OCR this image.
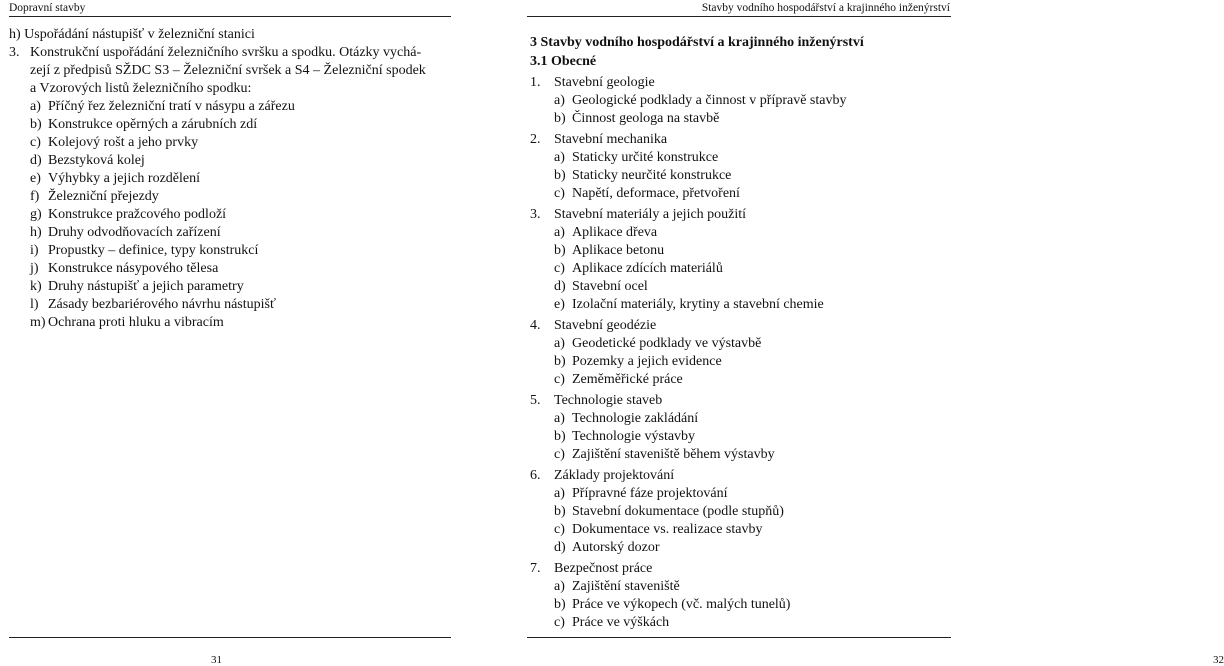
Dopravní stavby
h) Uspořádání nástupišť v železniční stanici
3. Konstrukční uspořádání železničního svršku a spodku. Otázky vychá-
zejí z předpisů SŽDC S3 – Železniční svršek a S4 – Železniční spodek
a Vzorových listů železničního spodku:
a) Příčný řez železniční tratí v násypu a zářezu
b) Konstrukce opěrných a zárubních zdí
c) Kolejový rošt a jeho prvky
d) Bezstyková kolej
e) Výhybky a jejich rozdělení
f) Železniční přejezdy
g) Konstrukce pražcového podloží
h) Druhy odvodňovacích zařízení
i) Propustky – definice, typy konstrukcí
j) Konstrukce násypového tělesa
k) Druhy nástupišť a jejich parametry
l) Zásady bezbariérového návrhu nástupišť
m) Ochrana proti hluku a vibracím
31
Stavby vodního hospodářství a krajinného inženýrství
3 Stavby vodního hospodářství a krajinného inženýrství
3.1 Obecné
1. Stavební geologie
a) Geologické podklady a činnost v přípravě stavby
b) Činnost geologa na stavbě
2. Stavební mechanika
a) Staticky určité konstrukce
b) Staticky neurčité konstrukce
c) Napětí, deformace, přetvoření
3. Stavební materiály a jejich použití
a) Aplikace dřeva
b) Aplikace betonu
c) Aplikace zdících materiálů
d) Stavební ocel
e) Izolační materiály, krytiny a stavební chemie
4. Stavební geodézie
a) Geodetické podklady ve výstavbě
b) Pozemky a jejich evidence
c) Zeměměřické práce
5. Technologie staveb
a) Technologie zakládání
b) Technologie výstavby
c) Zajištění staveniště během výstavby
6. Základy projektování
a) Přípravné fáze projektování
b) Stavební dokumentace (podle stupňů)
c) Dokumentace vs. realizace stavby
d) Autorský dozor
7. Bezpečnost práce
a) Zajištění staveniště
b) Práce ve výkopech (vč. malých tunelů)
c) Práce ve výškách
32
